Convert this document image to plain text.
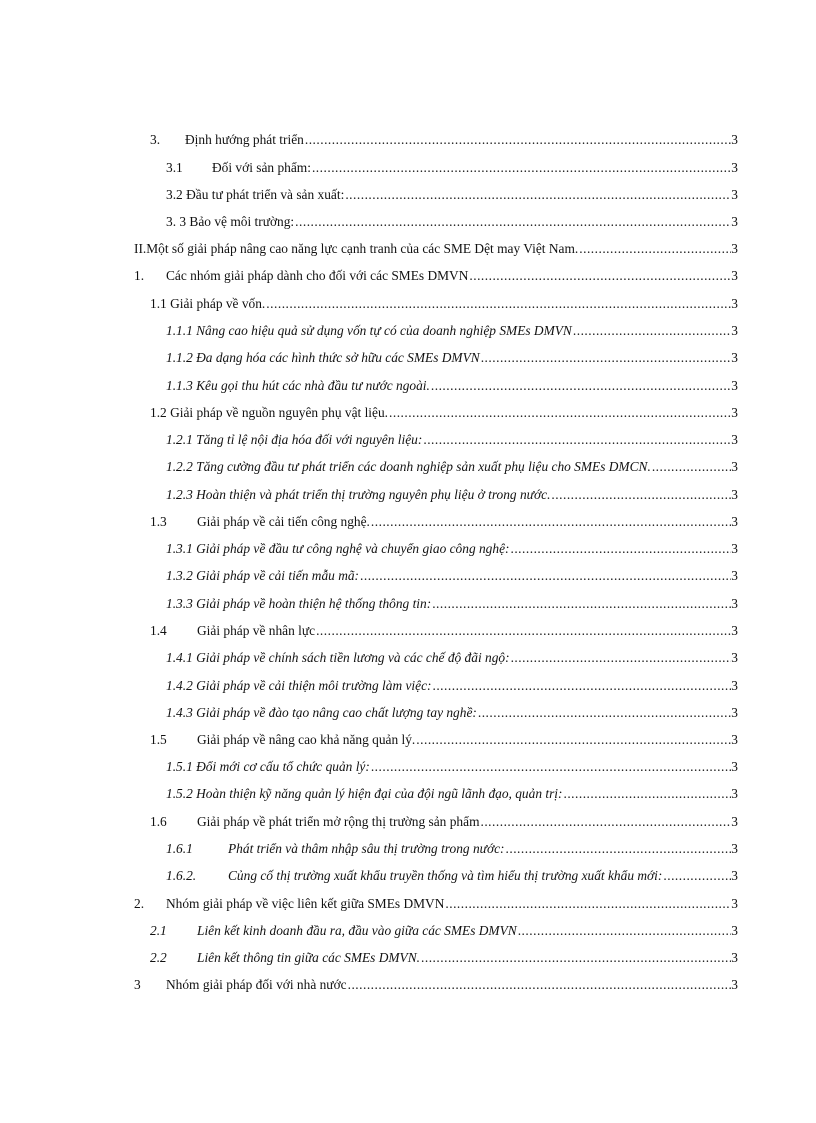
3. Định hướng phát triển .....	3
3.1 Đối với sản phẩm: .....	3
3.2 Đầu tư phát triển và sản xuất: .....	3
3. 3 Bảo vệ môi trường: .....	3
II.Một số giải pháp nâng cao năng lực cạnh tranh của các SME Dệt may Việt Nam. .....	3
1. Các nhóm giải pháp dành cho đối với các SMEs DMVN .....	3
1.1 Giải pháp về vốn. .....	3
1.1.1 Nâng cao hiệu quả sử dụng vốn tự có của doanh nghiệp SMEs DMVN .....	3
1.1.2 Đa dạng hóa các hình thức sở hữu các SMEs DMVN .....	3
1.1.3 Kêu gọi thu hút các nhà đầu tư nước ngoài. .....	3
1.2 Giải pháp về nguồn nguyên phụ vật liệu. .....	3
1.2.1 Tăng tỉ lệ nội địa hóa đối với nguyên liệu: .....	3
1.2.2 Tăng cường đầu tư phát triển các doanh nghiệp sản xuất phụ liệu cho SMEs DMCN. .....	3
1.2.3 Hoàn thiện và phát triển thị trường nguyên phụ liệu ở trong nước. .....	3
1.3 Giải pháp về cải tiến công nghệ. .....	3
1.3.1 Giải pháp về đầu tư công nghệ và chuyển giao công nghệ: .....	3
1.3.2 Giải pháp về cải tiến mẫu mã: .....	3
1.3.3 Giải pháp về hoàn thiện hệ thống thông tin: .....	3
1.4 Giải pháp về nhân lực .....	3
1.4.1 Giải pháp về chính sách tiền lương và các chế độ đãi ngộ: .....	3
1.4.2 Giải pháp về cải thiện môi trường làm việc: .....	3
1.4.3 Giải pháp về đào tạo nâng cao chất lượng tay nghề: .....	3
1.5 Giải pháp về nâng cao khả năng quản lý. .....	3
1.5.1 Đổi mới cơ cấu tổ chức quản lý: .....	3
1.5.2 Hoàn thiện kỹ năng quản lý hiện đại của đội ngũ lãnh đạo, quản trị: .....	3
1.6 Giải pháp về phát triển mở rộng thị trường sản phẩm .....	3
1.6.1	Phát triển và thâm nhập sâu thị trường trong nước: .....	3
1.6.2. Củng cố thị trường xuất khẩu truyền thống và tìm hiểu thị trường xuất khẩu mới: .....	3
2. Nhóm giải pháp về việc liên kết giữa SMEs DMVN .....	3
2.1 Liên kết kinh doanh đầu ra, đầu vào giữa các SMEs DMVN .....	3
2.2 Liên kết thông tin giữa các SMEs DMVN. .....	3
3 Nhóm giải pháp đối với nhà nước .....	3
